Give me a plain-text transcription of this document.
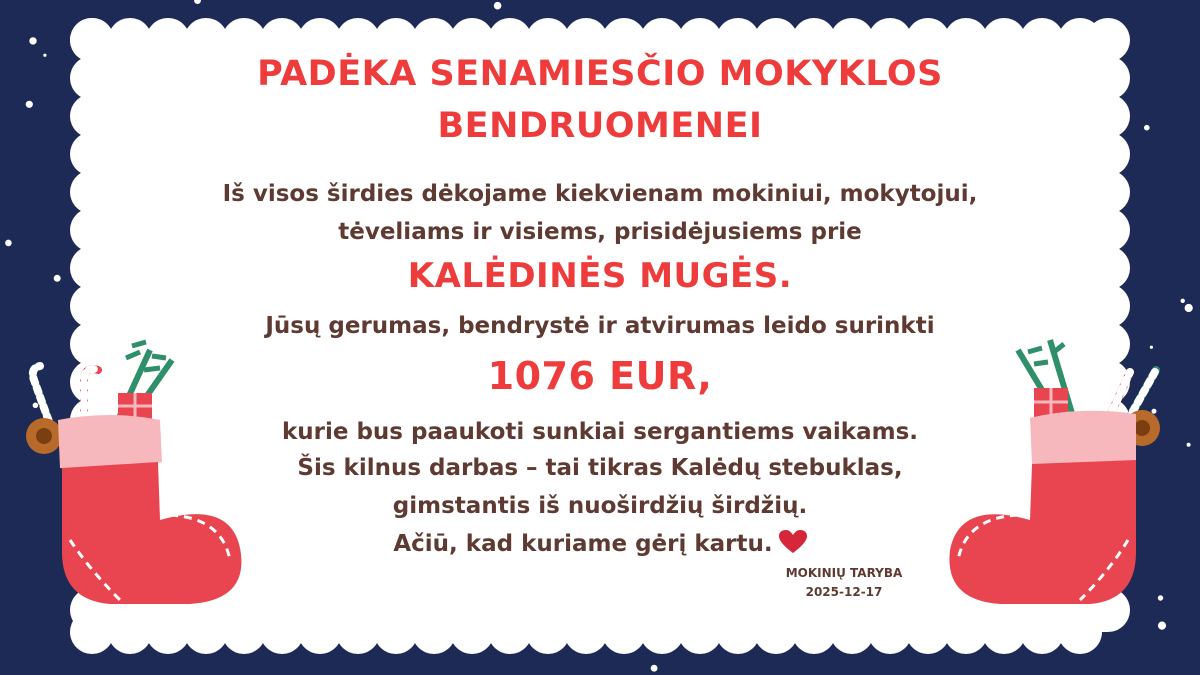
PADĖKA SENAMIESČIO MOKYKLOS
BENDRUOMENEI

Iš visos širdies dėkojame kiekvienam mokiniui, mokytojui,

tėveliams ir visiems, prisidėjusiems prie

KALĖDINĖS MUGĖS.

Jūsų gerumas, bendrystė ir atvirumas leido surinkti

1076 EUR,

kurie bus paaukoti sunkiai sergantiems vaikams.

Šis kilnus darbas – tai tikras Kalėdų stebuklas,

gimstantis iš nuoširdžių širdžių.

Ačiū, kad kuriame gėrį kartu.

MOKINIŲ TARYBA
2025-12-17
